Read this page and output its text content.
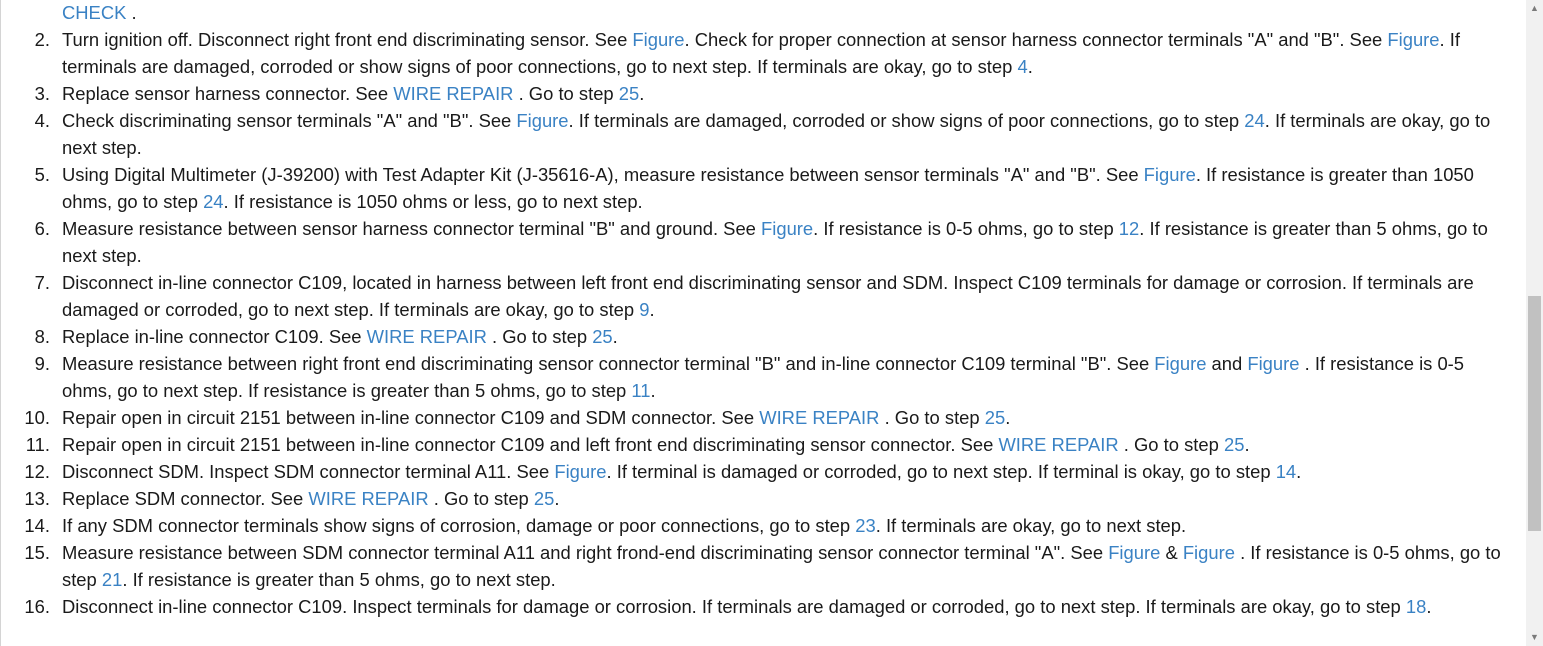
CHECK .
2. Turn ignition off. Disconnect right front end discriminating sensor. See Figure. Check for proper connection at sensor harness connector terminals "A" and "B". See Figure. If terminals are damaged, corroded or show signs of poor connections, go to next step. If terminals are okay, go to step 4.
3. Replace sensor harness connector. See WIRE REPAIR . Go to step 25.
4. Check discriminating sensor terminals "A" and "B". See Figure. If terminals are damaged, corroded or show signs of poor connections, go to step 24. If terminals are okay, go to next step.
5. Using Digital Multimeter (J-39200) with Test Adapter Kit (J-35616-A), measure resistance between sensor terminals "A" and "B". See Figure. If resistance is greater than 1050 ohms, go to step 24. If resistance is 1050 ohms or less, go to next step.
6. Measure resistance between sensor harness connector terminal "B" and ground. See Figure. If resistance is 0-5 ohms, go to step 12. If resistance is greater than 5 ohms, go to next step.
7. Disconnect in-line connector C109, located in harness between left front end discriminating sensor and SDM. Inspect C109 terminals for damage or corrosion. If terminals are damaged or corroded, go to next step. If terminals are okay, go to step 9.
8. Replace in-line connector C109. See WIRE REPAIR . Go to step 25.
9. Measure resistance between right front end discriminating sensor connector terminal "B" and in-line connector C109 terminal "B". See Figure and Figure . If resistance is 0-5 ohms, go to next step. If resistance is greater than 5 ohms, go to step 11.
10. Repair open in circuit 2151 between in-line connector C109 and SDM connector. See WIRE REPAIR . Go to step 25.
11. Repair open in circuit 2151 between in-line connector C109 and left front end discriminating sensor connector. See WIRE REPAIR . Go to step 25.
12. Disconnect SDM. Inspect SDM connector terminal A11. See Figure. If terminal is damaged or corroded, go to next step. If terminal is okay, go to step 14.
13. Replace SDM connector. See WIRE REPAIR . Go to step 25.
14. If any SDM connector terminals show signs of corrosion, damage or poor connections, go to step 23. If terminals are okay, go to next step.
15. Measure resistance between SDM connector terminal A11 and right frond-end discriminating sensor connector terminal "A". See Figure & Figure . If resistance is 0-5 ohms, go to step 21. If resistance is greater than 5 ohms, go to next step.
16. Disconnect in-line connector C109. Inspect terminals for damage or corrosion. If terminals are damaged or corroded, go to next step. If terminals are okay, go to step 18.
▲
▼
